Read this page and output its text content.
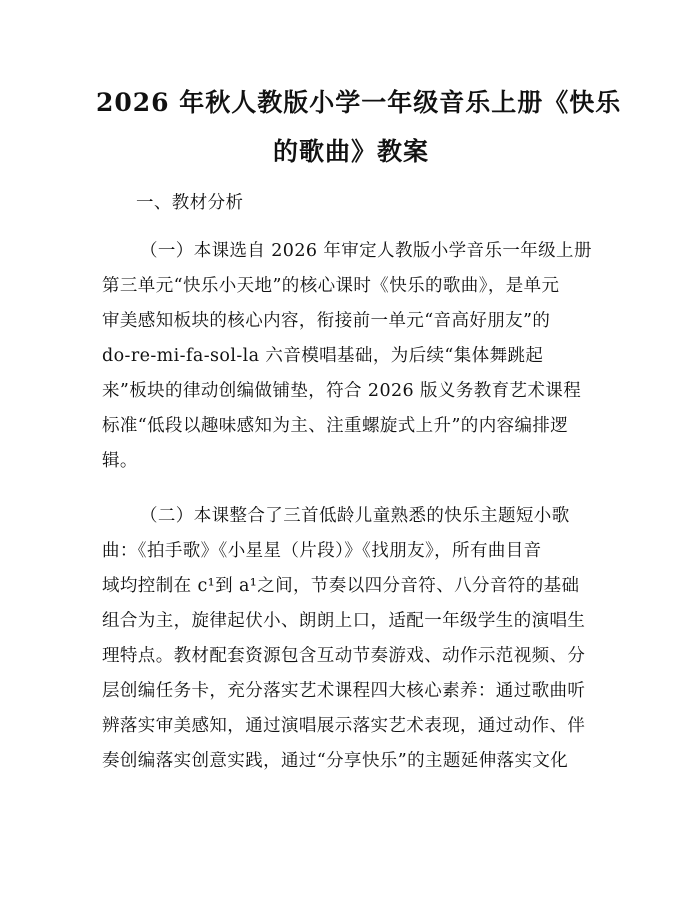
2026 年秋人教版小学一年级音乐上册《快乐
的歌曲》教案
一、教材分析
（一）本课选自 2026 年审定人教版小学音乐一年级上册
第三单元“快乐小天地”的核心课时《快乐的歌曲》，是单元
审美感知板块的核心内容，衔接前一单元“音高好朋友”的
do-re-mi-fa-sol-la 六音模唱基础，为后续“集体舞跳起
来”板块的律动创编做铺垫，符合 2026 版义务教育艺术课程
标准“低段以趣味感知为主、注重螺旋式上升”的内容编排逻
辑。
（二）本课整合了三首低龄儿童熟悉的快乐主题短小歌
曲：《拍手歌》《小星星（片段）》《找朋友》，所有曲目音
域均控制在 c¹到 a¹之间，节奏以四分音符、八分音符的基础
组合为主，旋律起伏小、朗朗上口，适配一年级学生的演唱生
理特点。教材配套资源包含互动节奏游戏、动作示范视频、分
层创编任务卡，充分落实艺术课程四大核心素养：通过歌曲听
辨落实审美感知，通过演唱展示落实艺术表现，通过动作、伴
奏创编落实创意实践，通过“分享快乐”的主题延伸落实文化
